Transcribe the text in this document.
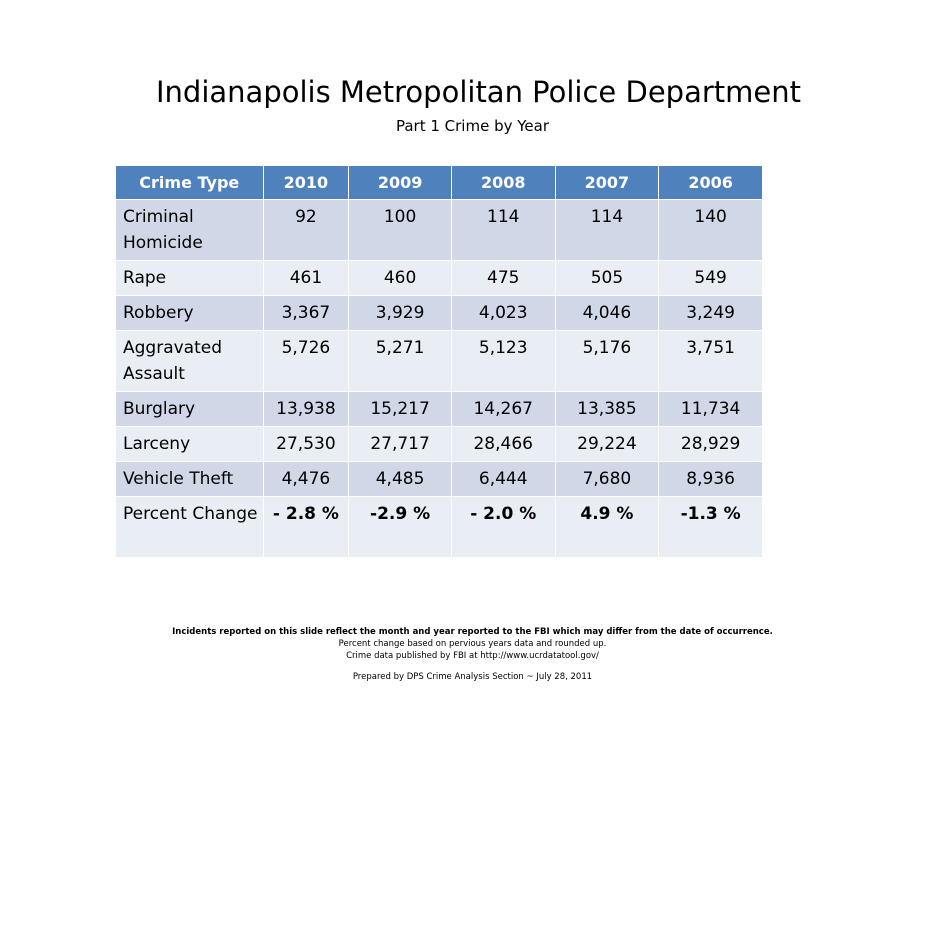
Indianapolis Metropolitan Police Department
Part 1 Crime by Year
Crime Type	2010	2009	2008	2007	2006
Criminal Homicide	92	100	114	114	140
Rape	461	460	475	505	549
Robbery	3,367	3,929	4,023	4,046	3,249
Aggravated Assault	5,726	5,271	5,123	5,176	3,751
Burglary	13,938	15,217	14,267	13,385	11,734
Larceny	27,530	27,717	28,466	29,224	28,929
Vehicle Theft	4,476	4,485	6,444	7,680	8,936
Percent Change	- 2.8 %	-2.9 %	- 2.0 %	4.9 %	-1.3 %
Incidents reported on this slide reflect the month and year reported to the FBI which may differ from the date of occurrence.
Percent change based on pervious years data and rounded up.
Crime data published by FBI at http://www.ucrdatatool.gov/
Prepared by DPS Crime Analysis Section ~ July 28, 2011
